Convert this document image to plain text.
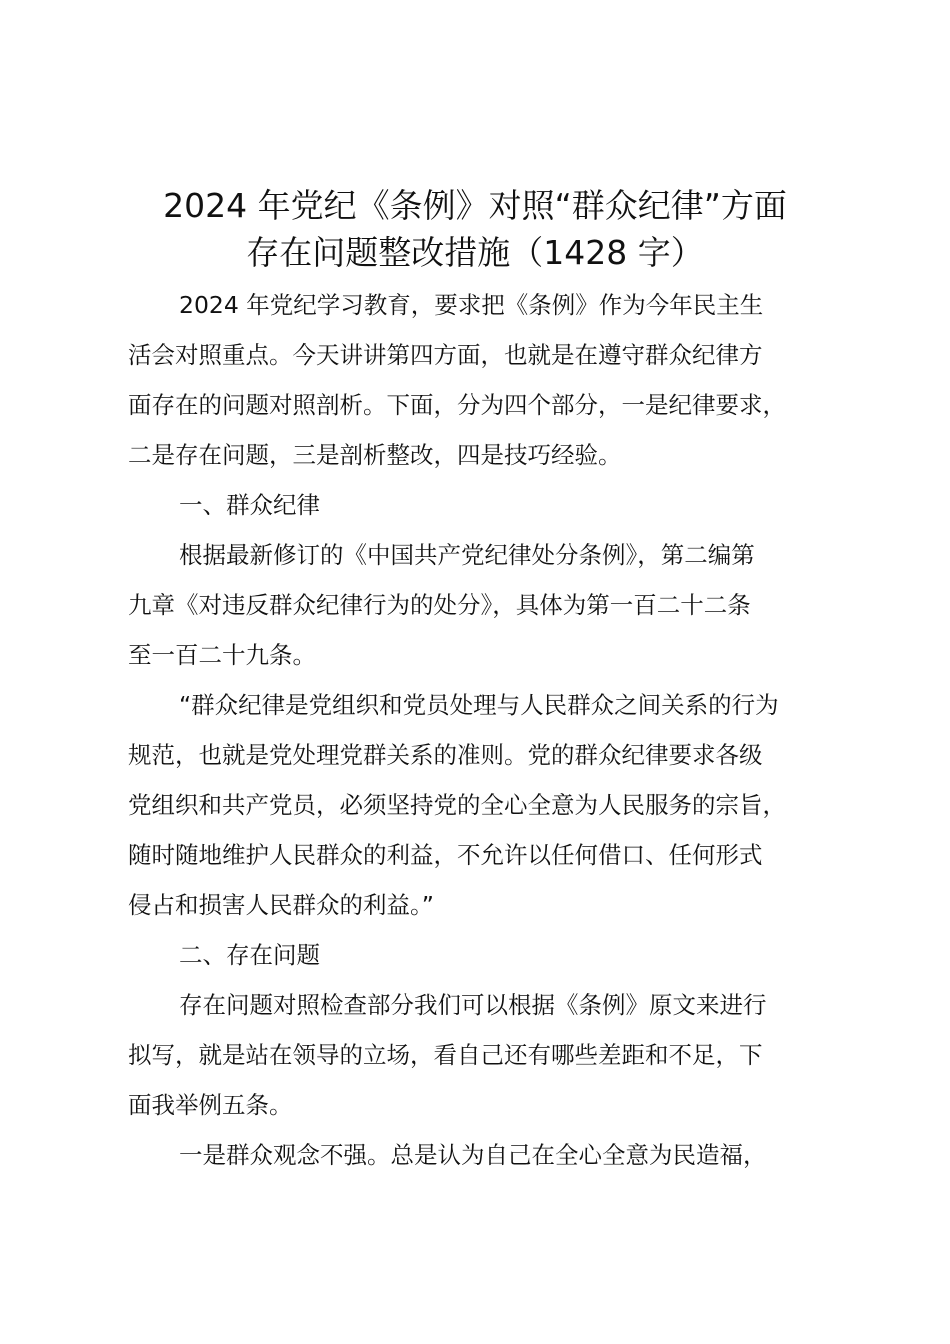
2024 年党纪《条例》对照“群众纪律”方面
存在问题整改措施（1428 字）
2024 年党纪学习教育，要求把《条例》作为今年民主生
活会对照重点。今天讲讲第四方面，也就是在遵守群众纪律方
面存在的问题对照剖析。下面，分为四个部分，一是纪律要求，
二是存在问题，三是剖析整改，四是技巧经验。
一、群众纪律
根据最新修订的《中国共产党纪律处分条例》，第二编第
九章《对违反群众纪律行为的处分》，具体为第一百二十二条
至一百二十九条。
“群众纪律是党组织和党员处理与人民群众之间关系的行为
规范，也就是党处理党群关系的准则。党的群众纪律要求各级
党组织和共产党员，必须坚持党的全心全意为人民服务的宗旨，
随时随地维护人民群众的利益，不允许以任何借口、任何形式
侵占和损害人民群众的利益。”
二、存在问题
存在问题对照检查部分我们可以根据《条例》原文来进行
拟写，就是站在领导的立场，看自己还有哪些差距和不足，下
面我举例五条。
一是群众观念不强。总是认为自己在全心全意为民造福，
